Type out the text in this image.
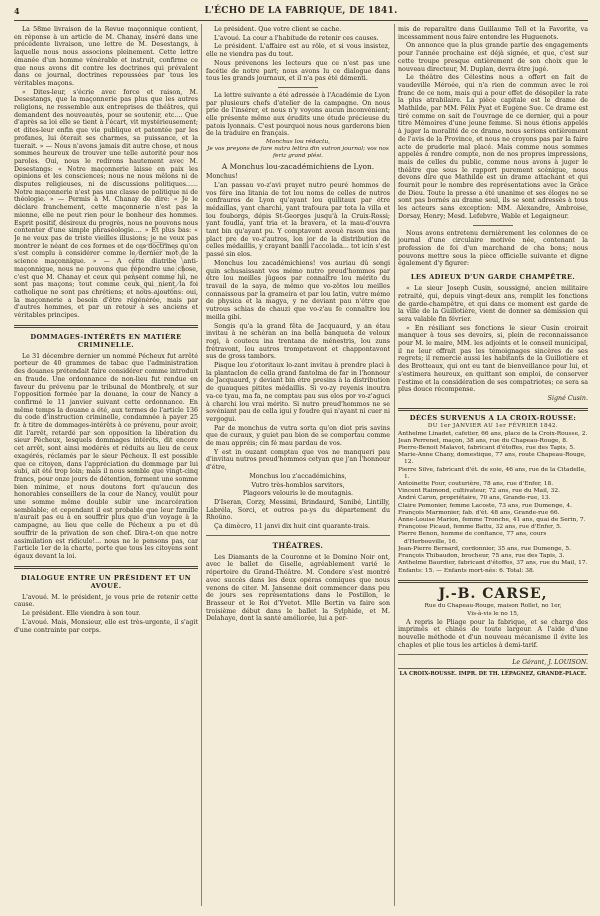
4	L'ÉCHO DE LA FABRIQUE, DE 1841.

La 58me livraison de la Revue maçonnique contient, en réponse à un article de M. Chanay, inséré dans une précédente livraison, une lettre de M. Desestangs, à laquelle nous nous associons pleinement. Cette lettre émanée d'un homme vénérable et instruit, confirme ce que nous avons dit contre les doctrines qui prévalent dans ce journal, doctrines repoussées par tous les véritables maçons.

« Dites-leur, s'écrie avec force et raison, M. Desestangs, que la maçonnerie pas plus que les autres religions, ne ressemble aux entreprises de théâtres, qui demandent des nouveautés, pour se soutenir, etc.... Que d'après sa loi elle se tient à l'écart, vit mystérieusement; et dites-leur enfin que vie publique et patentée par les profanes, lui ôterait ses charmes, sa puissance, et la tuerait. » — Nous n'avons jamais dit autre chose, et nous sommes heureux de trouver une telle autorité pour nos paroles. Oui, nous le redirons hautement avec M. Desestangs: « Notre maçonnerie laisse en paix les opinions et les consciences; nous ne nous mêlons ni de disputes religieuses, ni de discussions politiques...... Notre maçonnerie n'est pas une classe de politique ni de théologie. » — Permis à M. Chanay de dire: « Je le déclare franchement, cette maçonnerie n'est pas la mienne, elle ne peut rien pour le bonheur des hommes. Esprit positif, désireux du progrès, nous ne pouvons nous contenter d'une simple phraséologie.... » Et plus bas: « Je ne veux pas de triste vieilles illusions; je ne veux pas montrer le néant de ces formes et de ces doctrines qu'on s'est complu à considérer comme le dernier mot de la science maçonnique. » — A cette diatribe anti-maçonnique, nous ne pouvons que répondre une chose, c'est que M. Chanay et ceux qui pensent comme lui, ne sont pas maçons; tout comme ceux qui nient la foi catholique ne sont pas chrétiens; et nous ajoutons: oui, la maçonnerie a besoin d'être régénérée, mais par d'autres hommes, et par un retour à ses anciens et véritables principes.

DOMMAGES-INTÉRÊTS EN MATIÈRE CRIMINELLE.

Le 31 décembre dernier un nommé Pécheux fut arrêté porteur de 40 grammes de tabac que l'administration des douanes prétendait faire considérer comme introduit en fraude. Une ordonnance de non-lieu fut rendue en faveur du prévenu par le tribunal de Montbrely, et sur l'opposition formée par la douane, la cour de Nancy a confirmé le 11 janvier suivant cette ordonnance. En même temps la douane a été, aux termes de l'article 136 du code d'instruction criminelle, condamnée à payer 25 fr. à titre de dommages-intérêts à ce prévenu, pour avoir, dit l'arrêt, retardé par son opposition la libération du sieur Pécheux, lesquels dommages intérêts, dit encore cet arrêt, sont ainsi modérés et réduits au lieu de ceux exagérés, réclamés par le sieur Pécheux. Il est possible que ce citoyen, dans l'appréciation du dommage par lui subi, ait été trop loin; mais il nous semble que vingt-cinq francs, pour onze jours de détention, forment une somme bien minime, et nous doutons fort qu'aucun des honorables conseillers de la cour de Nancy, voulût pour une somme même double subir une incarcération semblable; et cependant il est probable que leur famille n'aurait pas eu à en souffrir plus que d'un voyage à la campagne, au lieu que celle de Pécheux a pu et dû souffrir de la privation de son chef. Dira-t-on que notre assimilation est ridicule!... nous ne le pensons pas, car l'article 1er de la charte, porte que tous les citoyens sont égaux devant la loi.

DIALOGUE ENTRE UN PRÉSIDENT ET UN AVOUÉ.

L'avoué. M. le président, je vous prie de retenir cette cause.

Le président. Elle viendra à son tour.

L'avoué. Mais, Monsieur, elle est très-urgente, il s'agit d'une contrainte par corps.

Le président. Que votre client se cache.

L'avoué. La cour a l'habitude de retenir ces causes.

Le président. L'affaire est au rôle, et si vous insistez, elle ne viendra pas du tout.

Nous prévenons les lecteurs que ce n'est pas une facétie de notre part; nous avons lu ce dialogue dans tous les grands journaux, et il n'a pas été démenti.

La lettre suivante a été adressée à l'Académie de Lyon par plusieurs chefs d'atelier de la campagne. On nous prie de l'insérer, et nous n'y voyons aucun inconvénient; elle présente même aux érudits une étude précieuse du patois lyonnais. C'est pourquoi nous nous garderons bien de la traduire en français.

Monchus lou rédactu,
Je vos preyons de fare nutra lettra din vutron journal; vos nos feriz grand plési.

A Monchus lou-zacadémichiens de Lyon.

Monchus!

L'an passau vo-z'avi prayet nutro peuré hommos de vos fére ina litania de tot lou noms de celles de nutros confrauros de Lyon qu'ayant lou quilitaux par étre médaillas, yant charchi, yant trafoura par tota la villa et lou fouborgs, dépis St-Georges jusqu'à la Cruix-Rossi; yant foudla, yant tria et la bravera, et la mau-d'ouvra tant bin qu'ayant pu. Y comptavont avouè rason sus ina plact pre de vo-z'autros, lon jor de la distribution de celles médaillis, y crayant banlli l'accolada... tot icin s'est passé sin elos.

Monchus lou zacadémichiens! vos auriau dû songi quin schusaissant vos mémo nutro preud'hommos par étre lou meilles jûgeos par connaître lou mérito du travail de la saya, de mêmo que vo-zôtos lou meilles connaissous par la grameira et par lou latin, vutre mémo de physica et la magya, y ne deviant pau n'étre que vutrous schias de chauzi que vo-z'au fe connaître lou meilla gibi.

Songis qu'a la grand fêta de Jacquaurd, y an étau invitau à ne schéran an ina bella banqueta de veloux rogi, à coutecu ina trentana de ménestris, lou zuns frétravont, lou autros trompetavont et chappontavont sus de gross tambors.

Pisque lou z'otoritaux lo-zant invitau à prendre placi à la plantaclon de cella grand fantolma de far in l'honnour de Jacquaurd, y deviant bin étre presins à la distribution de quauques pitites médaillis. Si vo-zy reyenis inoutra va-ce tyau, ma fa, ne comptau pau sus elos por vo-z'aguci à charchi lou vrai mérito. Si nutro preud'hommos ne se sovéniant pau de cella igui y foudre qui n'ayant ni cuer ni vergogui.

Par de monchus de vutra sorta qu'on diot pris savins que de curaux, y guiet pau bion de se comportau comme de mau appréis; cin fé mau pardau de vos.

Y est in ouzant comptau que vos ne manqueri pau d'invitau nutros preud'hommos cetyan que j'an l'honnour d'étre,

Monchus lou z'accadémichins,

Vutro très-homblos sarvitors,

Plageors velouris le de moutagnis.

D'Iseran, Corzy, Messimi, Brindaurd, Sanibé, Lintilly, Labréla, Sorci, et outros pa-ys du département du Rhoûno.

Ça dimècro, 11 janvi dix huit cint quarante-trais.

THÉATRES.

Les Diamants de la Couronne et le Domino Noir ont, avec le ballet de Giselle, agréablement varié le répertoire du Grand-Théâtre. M. Condere s'est montré avec succès dans les deux opéras comiques que nous venons de citer. M. Jansenne doit commencer dans peu de jours ses représentations dans le Postillon, le Brasseur et le Roi d'Yvetot. Mlle Bertin va faire son troisième début dans le ballet la Sylphide, et M. Delahaye, dont la santé améliorée, lui a per-

mis de reparaître dans Guillaume Tell et la Favorite, va incessamment nous faire entendre les Huguenots.

On annonce que la plus grande partie des engagements pour l'année prochaine est déjà signée, et que, c'est sur cette troupe presque entièrement de son choix que le nouveau directeur, M. Duplan, devra être jugé.

Le théâtre des Célestins nous a offert en fait de vaudeville Méroée, qui n'a rien de commun avec le roi franc de ce nom, mais qui a pour effet de désopiler la rate la plus atrabilaire. La pièce capitale est le drame de Mathilde, par MM. Félix Pyat et Eugène Sue. Ce drame est tiré comme on sait de l'ouvrage de ce dernier, qui a pour titre Mémoires d'une jeune femme. Si nous étions appelés à juger la moralité de ce drame, nous serions entièrement de l'avis de la Province, et nous ne croyons pas par la faire acte de pruderie mal placé. Mais comme nous sommes appelés à rendre compte, non de nos propres impressions, mais de celles du public, comme nous avons à juger le théâtre que sous le rapport purement scénique, nous devons dire que Mathilde est un drame attachant et qui fournit pour le nombre des représentations avec la Grâce de Dieu. Toute la presse a été unanime et ses éloges ne se sont pas bornés au drame seul, ils se sont adressés à tous les acteurs sans exception: MM. Alexandre, Ambroise, Dorsay, Henry; Mesd. Lefebvre, Wable et Legaigneur.

Nous avons entretenu dernièrement les colonnes de ce journal d'une circulaire motivée née, contenant la profession de foi d'un marchand de cha bons; nous pouvons mettre sous la pièce officielle suivante et digne également d'y figurer:

LES ADIEUX D'UN GARDE CHAMPÊTRE.

« Le sieur Joseph Cusin, soussigné, ancien militaire retraité, qui, depuis vingt-deux ans, remplit les fonctions de garde-champêtre, et qui dans ce moment est garde de la ville de la Guillotière, vient de donner sa démission qui sera valable fin février.

« En résiliant ses fonctions le sieur Cusin croirait manquer à tous ses devoirs, si, plein de reconnaissance pour M. le maire, MM. les adjoints et le conseil municipal, il ne leur offrait pas les témoignages sincères de ses regrets; il remercie aussi les habitants de la Guillotière et des Brotteaux, qui ont eu tant de bienveillance pour lui, et s'estimera heureux, en quittant son emploi, de conserver l'estime et la considération de ses compatriotes; ce sera sa plus douce récompense.

Signé Cusin.

DÉCÈS SURVENUS A LA CROIX-ROUSSE:
DU 1er JANVIER AU 1er FÉVRIER 1842.

Anthelme Linadet, cafetier, 66 ans, place de la Croix-Rousse, 2.

Jean Perrenet, maçon, 38 ans, rue du Chapeau-Rouge, 8.

Pierre-Benoit Malavot, fabricant d'étoffes, rue des Tapis, 5.

Marie-Anne Chany, domestique, 77 ans, route Chapeau-Rouge, 12.

Pierre Silve, fabricant d'ét. de soie, 46 ans, rue de la Citadelle, 1.

Antoinette Four, couturière, 78 ans, rue d'Enfer, 18.

Vincent Raimond, cultivateur, 72 ans, rue du Mail, 32.

André Caron, propriétaire, 70 ans, Grande-rue, 13.

Claire Pomonier, femme Lacoste, 73 ans, rue Dumenge, 4.

François Marmonier, fab. d'ét. 48 ans, Grande-rue 66.

Anne-Louise Marion, femme Tronche, 41 ans, quai de Serin, 7.

Françoise Picaud, femme Battu, 32 ans, rue d'Enfer, 5.

Pierre Benon, homme de confiance, 77 ans, cours d'Herbouville, 16.

Jean-Pierre Bernard, cordonnier, 35 ans, rue Dumenge, 5.

François Thibaudon, brocheur, 75 ans, rue des Tapis, 3.

Anthelme Baurdier, fabricant d'étoffes, 37 ans, rue du Mail, 17.

Enfants: 15. — Enfants mort-nés: 6. Total: 38.

J.-B. CARSE,

Rue du Chapeau-Rouge, maison Rollet, no 1er,

Vis-à-vis le no 15,

A repris le Pliage pour la fabrique, et se charge des imprimés et chinés de toute largeur. A l'aide d'une nouvelle méthode et d'un nouveau mécanisme il évite les chaples et plie tous les articles à demi-tarif.

Le Gérant, J. LOUISON.

LA CROIX-ROUSSE. IMPR. DE TH. LÉPAGNEZ, GRANDE-PLACE.
